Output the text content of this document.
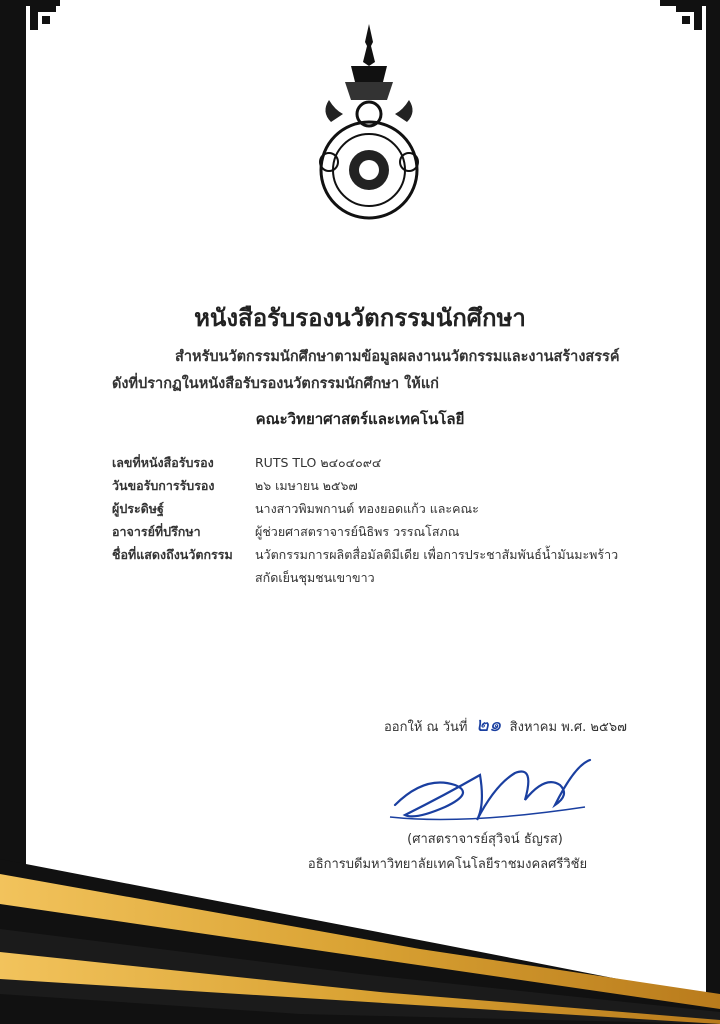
หนังสือรับรองนวัตกรรมนักศึกษา
สำหรับนวัตกรรมนักศึกษาตามข้อมูลผลงานนวัตกรรมและงานสร้างสรรค์
ดังที่ปรากฏในหนังสือรับรองนวัตกรรมนักศึกษา ให้แก่
คณะวิทยาศาสตร์และเทคโนโลยี
เลขที่หนังสือรับรอง	RUTS TLO ๒๔๐๔๐๙๔
วันขอรับการรับรอง	๒๖ เมษายน ๒๕๖๗
ผู้ประดิษฐ์	นางสาวพิมพกานต์ ทองยอดแก้ว และคณะ
อาจารย์ที่ปรึกษา	ผู้ช่วยศาสตราจารย์นิธิพร วรรณโสภณ
ชื่อที่แสดงถึงนวัตกรรม	นวัตกรรมการผลิตสื่อมัลติมีเดีย เพื่อการประชาสัมพันธ์น้ำมันมะพร้าว
สกัดเย็นชุมชนเขาขาว
ออกให้ ณ วันที่ ๒๑ สิงหาคม พ.ศ. ๒๕๖๗
(ศาสตราจารย์สุวิจน์ ธัญรส)
อธิการบดีมหาวิทยาลัยเทคโนโลยีราชมงคลศรีวิชัย
